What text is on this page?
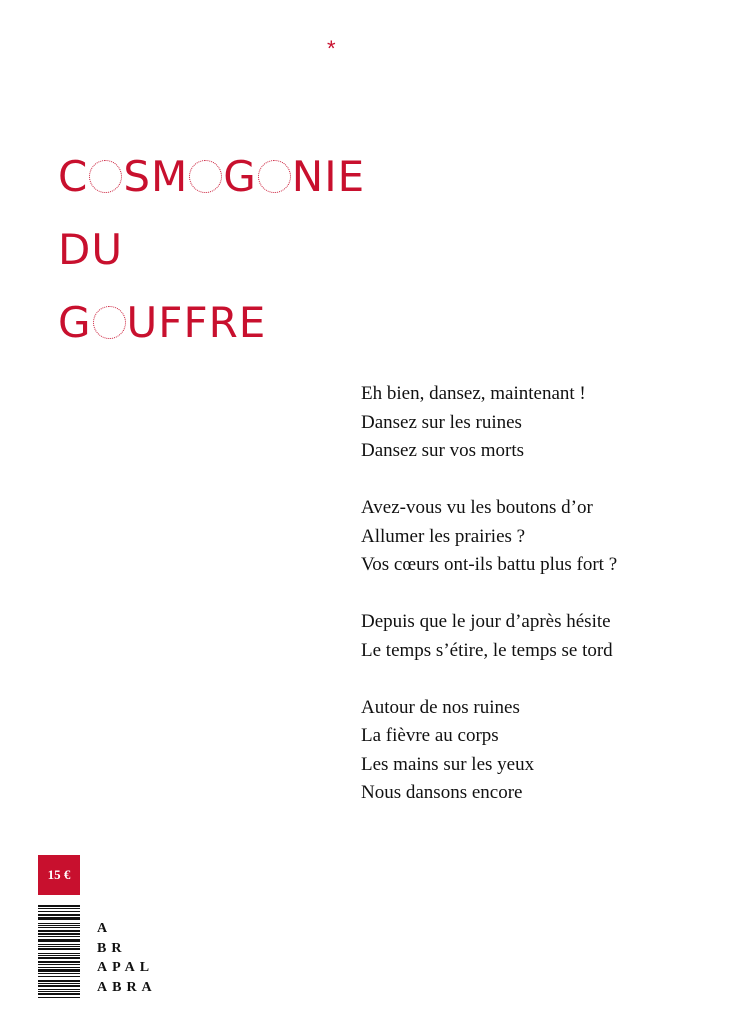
*
C SM G NIE
DU
G UFFRE
Eh bien, dansez, maintenant !
Dansez sur les ruines
Dansez sur vos morts
Avez-vous vu les boutons d’or
Allumer les prairies ?
Vos cœurs ont-ils battu plus fort ?
Depuis que le jour d’après hésite
Le temps s’étire, le temps se tord
Autour de nos ruines
La fièvre au corps
Les mains sur les yeux
Nous dansons encore
15 €
A
BR
APAL
ABRA
